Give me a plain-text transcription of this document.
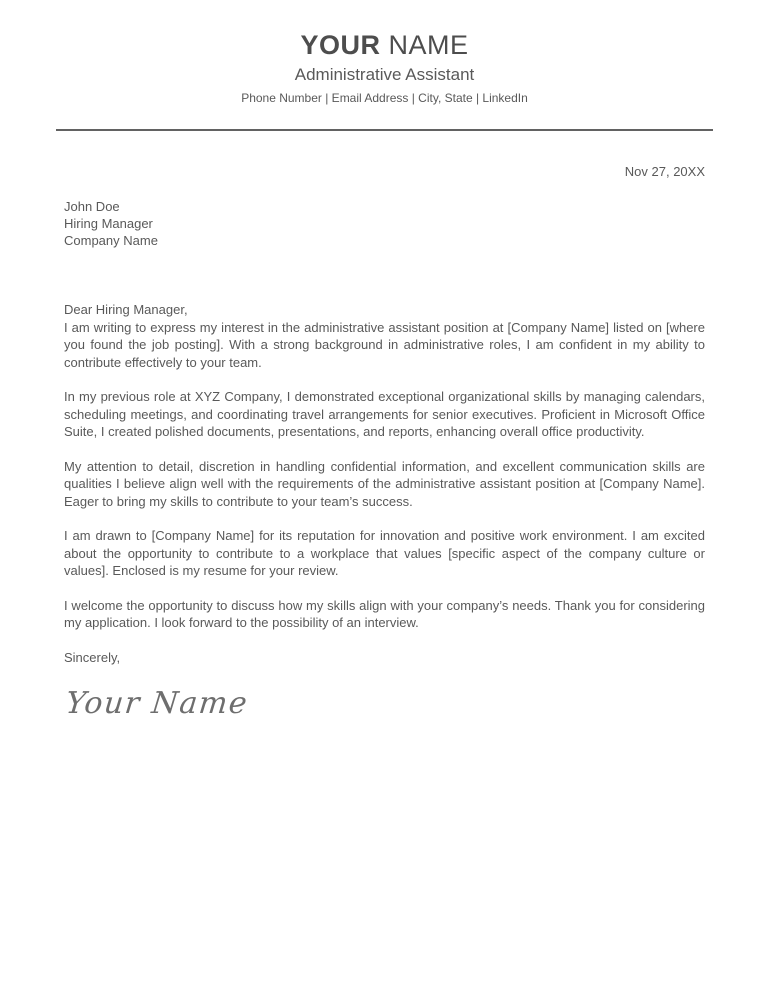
YOUR NAME
Administrative Assistant
Phone Number | Email Address | City, State | LinkedIn
Nov 27, 20XX
John Doe
Hiring Manager
Company Name
Dear Hiring Manager,

I am writing to express my interest in the administrative assistant position at [Company Name] listed on [where you found the job posting]. With a strong background in administrative roles, I am confident in my ability to contribute effectively to your team.

In my previous role at XYZ Company, I demonstrated exceptional organizational skills by managing calendars, scheduling meetings, and coordinating travel arrangements for senior executives. Proficient in Microsoft Office Suite, I created polished documents, presentations, and reports, enhancing overall office productivity.

My attention to detail, discretion in handling confidential information, and excellent communication skills are qualities I believe align well with the requirements of the administrative assistant position at [Company Name]. Eager to bring my skills to contribute to your team’s success.

I am drawn to [Company Name] for its reputation for innovation and positive work environment. I am excited about the opportunity to contribute to a workplace that values [specific aspect of the company culture or values]. Enclosed is my resume for your review.

I welcome the opportunity to discuss how my skills align with your company’s needs. Thank you for considering my application. I look forward to the possibility of an interview.

Sincerely,
Your Name
